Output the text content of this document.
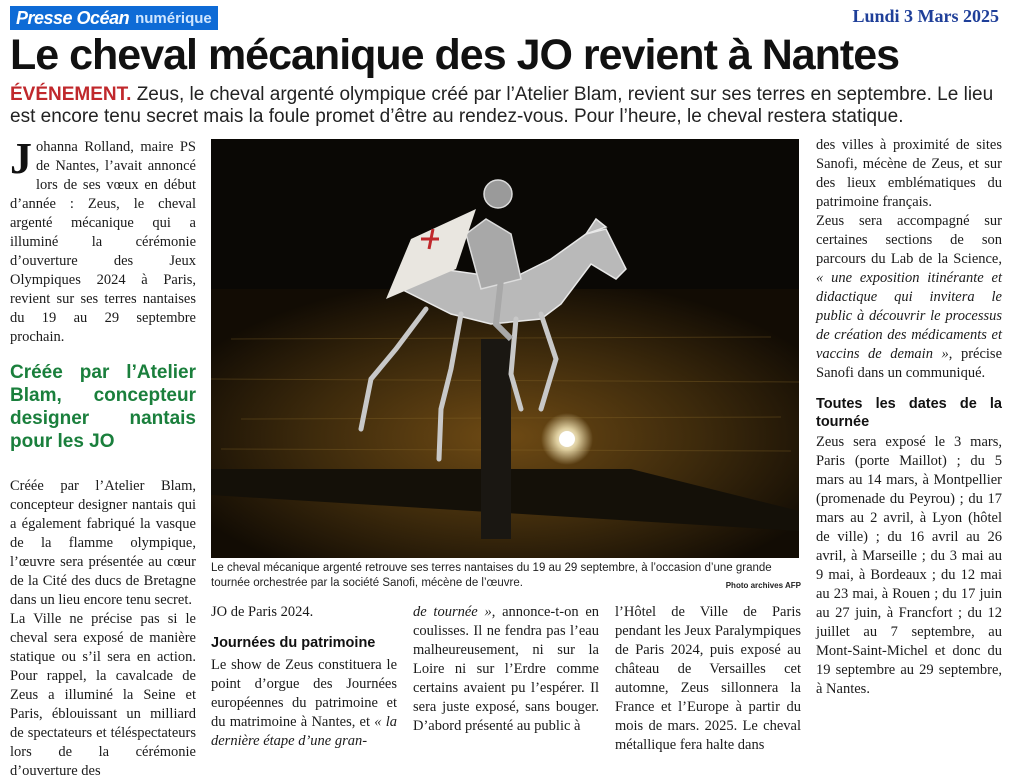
Presse Océan numérique	Lundi 3 Mars 2025
Le cheval mécanique des JO revient à Nantes
ÉVÉNEMENT. Zeus, le cheval argenté olympique créé par l’Atelier Blam, revient sur ses terres en septembre. Le lieu est encore tenu secret mais la foule promet d’être au rendez-vous. Pour l’heure, le cheval restera statique.

Johanna Rolland, maire PS de Nantes, l’avait annoncé lors de ses vœux en début d’année : Zeus, le cheval argenté mécanique qui a illuminé la cérémonie d’ouverture des Jeux Olympiques 2024 à Paris, revient sur ses terres nantaises du 19 au 29 septembre prochain.

Créée par l’Atelier Blam, concepteur designer nantais pour les JO

Créée par l’Atelier Blam, concepteur designer nantais qui a également fabriqué la vasque de la flamme olympique, l’œuvre sera présentée au cœur de la Cité des ducs de Bretagne dans un lieu encore tenu secret.

La Ville ne précise pas si le cheval sera exposé de manière statique ou s’il sera en action. Pour rappel, la cavalcade de Zeus a illuminé la Seine et Paris, éblouissant un milliard de spectateurs et téléspectateurs lors de la cérémonie d’ouverture des

Le cheval mécanique argenté retrouve ses terres nantaises du 19 au 29 septembre, à l’occasion d’une grande tournée orchestrée par la société Sanofi, mécène de l’œuvre.	Photo archives AFP

JO de Paris 2024.

Journées du patrimoine

Le show de Zeus constituera le point d’orgue des Journées européennes du patrimoine et du matrimoine à Nantes, et « la dernière étape d’une gran-

de tournée », annonce-t-on en coulisses. Il ne fendra pas l’eau malheureusement, ni sur la Loire ni sur l’Erdre comme certains avaient pu l’espérer. Il sera juste exposé, sans bouger. D’abord présenté au public à

l’Hôtel de Ville de Paris pendant les Jeux Paralympiques de Paris 2024, puis exposé au château de Versailles cet automne, Zeus sillonnera la France et l’Europe à partir du mois de mars. 2025. Le cheval métallique fera halte dans

des villes à proximité de sites Sanofi, mécène de Zeus, et sur des lieux emblématiques du patrimoine français.

Zeus sera accompagné sur certaines sections de son parcours du Lab de la Science, « une exposition itinérante et didactique qui invitera le public à découvrir le processus de création des médicaments et vaccins de demain », précise Sanofi dans un communiqué.

Toutes les dates de la tournée

Zeus sera exposé le 3 mars, Paris (porte Maillot) ; du 5 mars au 14 mars, à Montpellier (promenade du Peyrou) ; du 17 mars au 2 avril, à Lyon (hôtel de ville) ; du 16 avril au 26 avril, à Marseille ; du 3 mai au 9 mai, à Bordeaux ; du 12 mai au 23 mai, à Rouen ; du 17 juin au 27 juin, à Francfort ; du 12 juillet au 7 septembre, au Mont-Saint-Michel et donc du 19 septembre au 29 septembre, à Nantes.
